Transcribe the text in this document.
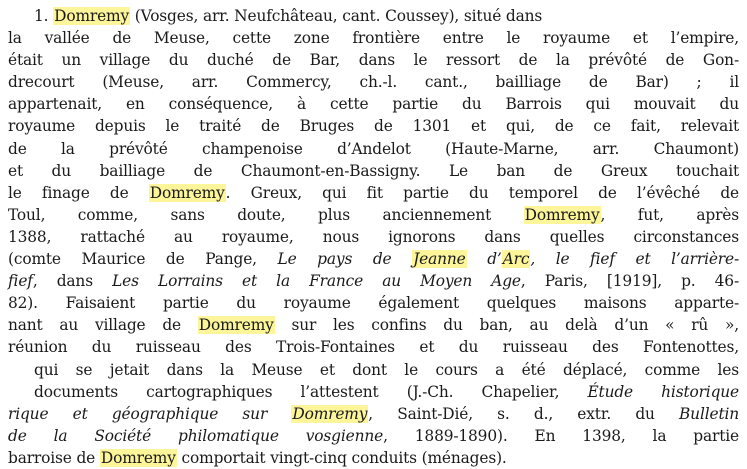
1. Domremy (Vosges, arr. Neufchâteau, cant. Coussey), situé dans
la vallée de Meuse, cette zone frontière entre le royaume et l’empire,
était un village du duché de Bar, dans le ressort de la prévôté de Gon-
drecourt (Meuse, arr. Commercy, ch.-l. cant., bailliage de Bar) ; il
appartenait, en conséquence, à cette partie du Barrois qui mouvait du
royaume depuis le traité de Bruges de 1301 et qui, de ce fait, relevait
de la prévôté champenoise d’Andelot (Haute-Marne, arr. Chaumont)
et du bailliage de Chaumont-en-Bassigny. Le ban de Greux touchait
le finage de Domremy. Greux, qui fit partie du temporel de l’évêché de
Toul, comme, sans doute, plus anciennement Domremy, fut, après
1388, rattaché au royaume, nous ignorons dans quelles circonstances
(comte Maurice de Pange, Le pays de Jeanne d’Arc, le fief et l’arrière-
fief, dans Les Lorrains et la France au Moyen Age, Paris, [1919], p. 46-
82). Faisaient partie du royaume également quelques maisons apparte-
nant au village de Domremy sur les confins du ban, au delà d’un « rû »,
réunion du ruisseau des Trois-Fontaines et du ruisseau des Fontenottes,
qui se jetait dans la Meuse et dont le cours a été déplacé, comme les
documents cartographiques l’attestent (J.-Ch. Chapelier, Étude historique
rique et géographique sur Domremy, Saint-Dié, s. d., extr. du Bulletin
de la Société philomatique vosgienne, 1889-1890). En 1398, la partie
barroise de Domremy comportait vingt-cinq conduits (ménages).
